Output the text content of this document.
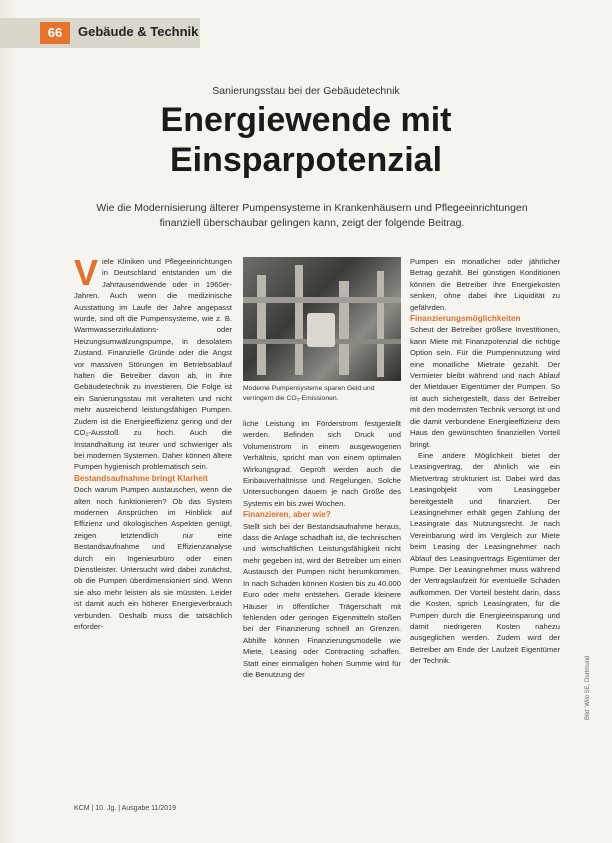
66	Gebäude & Technik
Sanierungsstau bei der Gebäudetechnik
Energiewende mit
Einsparpotenzial
Wie die Modernisierung älterer Pumpensysteme in Krankenhäusern und Pflegeeinrichtungen finanziell überschaubar gelingen kann, zeigt der folgende Beitrag.
V iele Kliniken und Pflegeeinrichtungen in Deutschland entstanden um die Jahrtausendwende oder in 1960er-Jahren. Auch wenn die medizinische Ausstattung im Laufe der Jahre angepasst wurde, sind oft die Pumpensysteme, wie z. B. Warmwasserzirkulations- oder Heizungsumwälzungspumpe, in desolatem Zustand. Finanzielle Gründe oder die Angst vor massiven Störungen im Betriebsablauf halten die Betreiber davon ab, in ihre Gebäudetechnik zu investieren. Die Folge ist ein Sanierungsstau mit veralteten und nicht mehr ausreichend leistungsfähigen Pumpen. Zudem ist die Energieeffizienz gering und der CO₂-Ausstoß zu hoch. Auch die Instandhaltung ist teurer und schwieriger als bei modernen Systemen. Daher können ältere Pumpen hygienisch problematisch sein.

Bestandsaufnahme bringt Klarheit

Doch warum Pumpen austauschen, wenn die alten noch funktionieren? Ob das System modernen Ansprüchen im Hinblick auf Effizienz und ökologischen Aspekten genügt, zeigen letztendlich nur eine Bestandsaufnahme und Effizienzanalyse durch ein Ingenieurbüro oder einen Dienstleister. Untersucht wird dabei zunächst, ob die Pumpen überdimensioniert sind. Wenn sie also mehr leisten als sie müssten. Leider ist damit auch ein höherer Energieverbrauch verbunden. Deshalb muss die tatsächlich erforder-

Moderne Pumpensysteme sparen Geld und verringern die CO₂-Emissionen.

liche Leistung im Förderstrom festgestellt werden. Befinden sich Druck und Volumenstrom in einem ausgewogenen Verhältnis, spricht man von einem optimalen Wirkungsgrad. Geprüft werden auch die Einbauverhältnisse und Regelungen. Solche Untersuchungen dauern je nach Größe des Systems ein bis zwei Wochen.

Finanzieren, aber wie?

Stellt sich bei der Bestandsaufnahme heraus, dass die Anlage schadhaft ist, die technischen und wirtschaftlichen Leistungsfähigkeit nicht mehr gegeben ist, wird der Betreiber um einen Austausch der Pumpen nicht herumkommen. In nach Schaden können Kosten bis zu 40.000 Euro oder mehr entstehen. Gerade kleinere Häuser in öffentlicher Trägerschaft mit fehlenden oder geringen Eigenmitteln stoßen bei der Finanzierung schnell an Grenzen. Abhilfe können Finanzierungsmodelle wie Miete, Leasing oder Contracting schaffen. Statt einer einmaligen hohen Summe wird für die Benutzung der

Pumpen ein monatlicher oder jährlicher Betrag gezahlt. Bei günstigen Konditionen können die Betreiber ihre Energiekosten senken, ohne dabei ihre Liquidität zu gefährden.

Finanzierungsmöglichkeiten

Scheut der Betreiber größere Investitionen, kann Miete mit Finanzpotenzial die richtige Option sein. Für die Pumpennutzung wird eine monatliche Mietrate gezahlt. Der Vermieter bleibt während und nach Ablauf der Mietdauer Eigentümer der Pumpen. So ist auch sichergestellt, dass der Betreiber mit den modernsten Technik versorgt ist und die damit verbundene Energieeffizienz dem Haus den gewünschten finanziellen Vorteil bringt.

Eine andere Möglichkeit bietet der Leasingvertrag, der ähnlich wie ein Mietvertrag strukturiert ist. Dabei wird das Leasingobjekt vom Leasinggeber bereitgestellt und finanziert. Der Leasingnehmer erhält gegen Zahlung der Leasingrate das Nutzungsrecht. Je nach Vereinbarung wird im Vergleich zur Miete beim Leasing der Leasingnehmer nach Ablauf des Leasingvertrags Eigentümer der Pumpe. Der Leasingnehmer muss während der Vertragslaufzeit für eventuelle Schäden aufkommen. Der Vorteil besteht darin, dass die Kosten, sprich Leasingraten, für die Pumpen durch die Energieeinsparung und damit niedrigeren Kosten nahezu ausgeglichen werden. Zudem wird der Betreiber am Ende der Laufzeit Eigentümer der Technik.	Bild: Wilo SE, Dortmund
KCM | 10. Jg. | Ausgabe 11/2019
